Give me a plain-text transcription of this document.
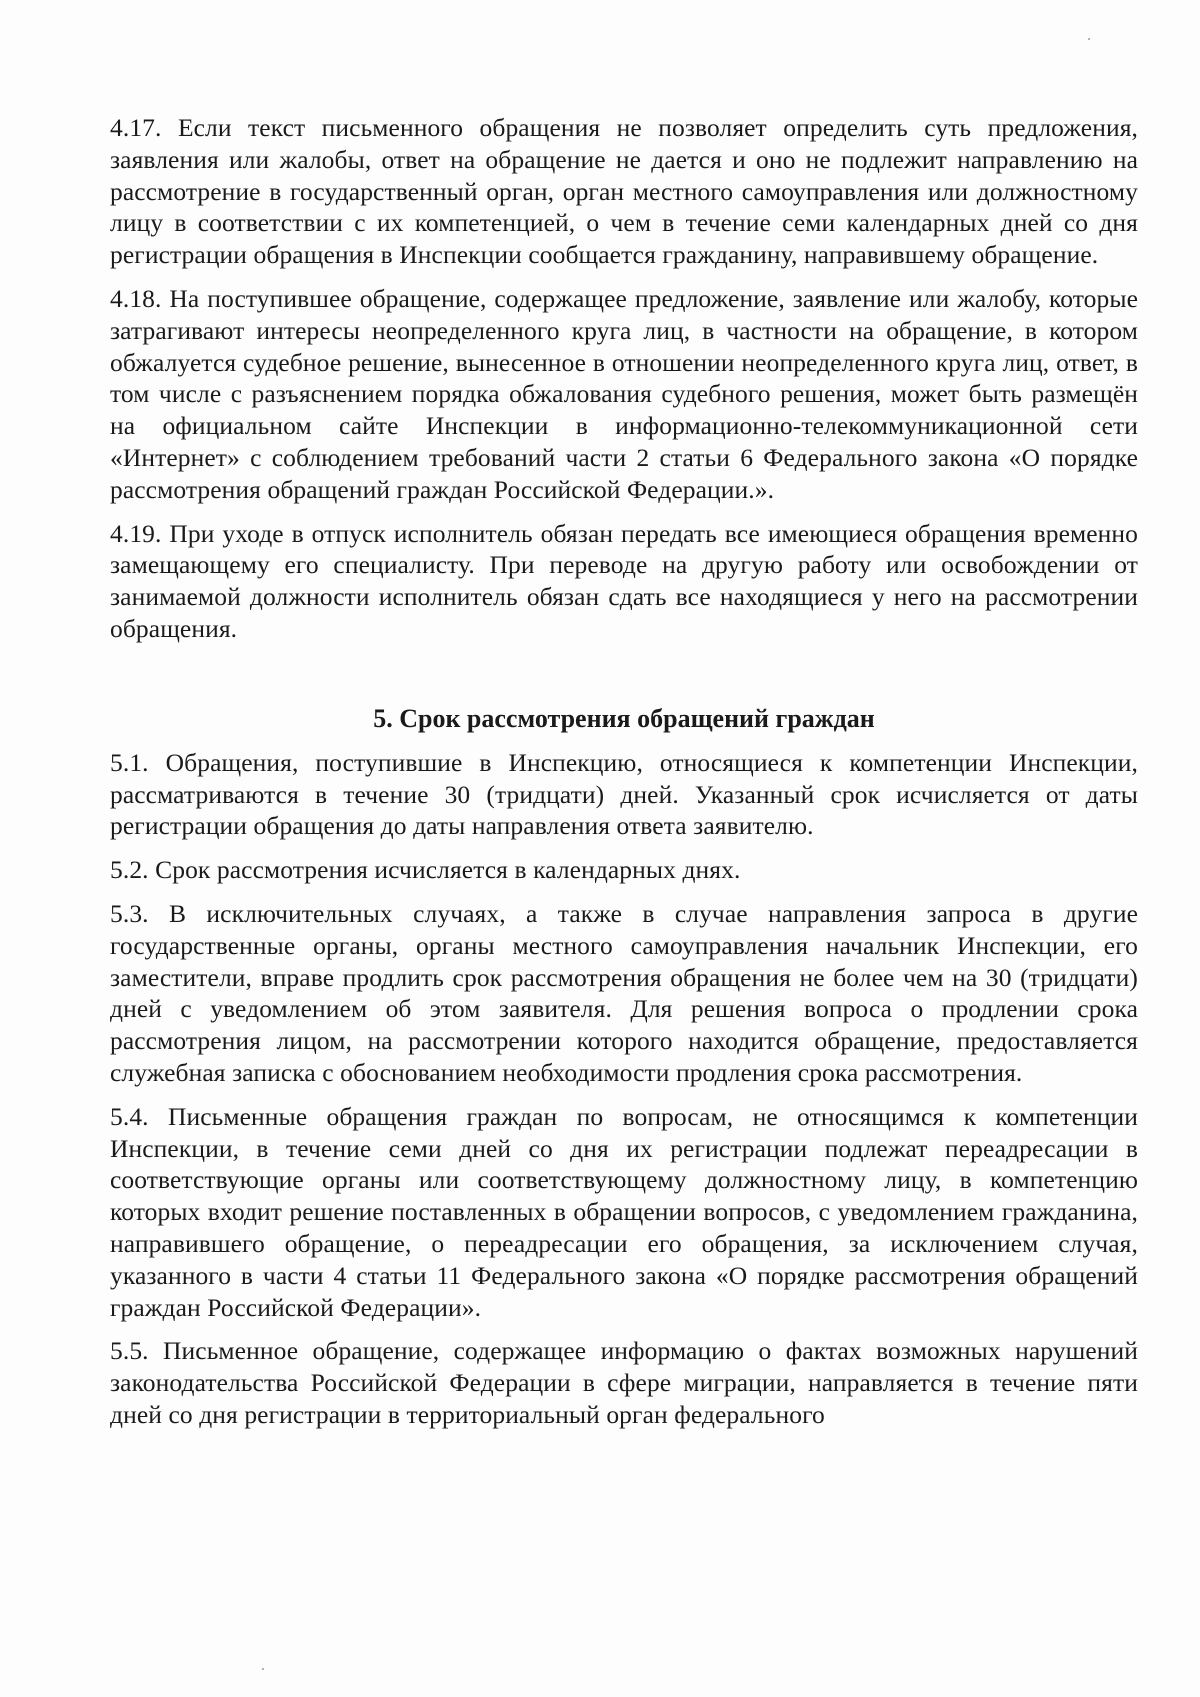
4.17. Если текст письменного обращения не позволяет определить суть предложения, заявления или жалобы, ответ на обращение не дается и оно не подлежит направлению на рассмотрение в государственный орган, орган местного самоуправления или должностному лицу в соответствии с их компетенцией, о чем в течение семи календарных дней со дня регистрации обращения в Инспекции сообщается гражданину, направившему обращение.

4.18. На поступившее обращение, содержащее предложение, заявление или жалобу, которые затрагивают интересы неопределенного круга лиц, в частности на обращение, в котором обжалуется судебное решение, вынесенное в отношении неопределенного круга лиц, ответ, в том числе с разъяснением порядка обжалования судебного решения, может быть размещён на официальном сайте Инспекции в информационно-телекоммуникационной сети «Интернет» с соблюдением требований части 2 статьи 6 Федерального закона «О порядке рассмотрения обращений граждан Российской Федерации.».

4.19. При уходе в отпуск исполнитель обязан передать все имеющиеся обращения временно замещающему его специалисту. При переводе на другую работу или освобождении от занимаемой должности исполнитель обязан сдать все находящиеся у него на рассмотрении обращения.

5. Срок рассмотрения обращений граждан

5.1. Обращения, поступившие в Инспекцию, относящиеся к компетенции Инспекции, рассматриваются в течение 30 (тридцати) дней. Указанный срок исчисляется от даты регистрации обращения до даты направления ответа заявителю.

5.2. Срок рассмотрения исчисляется в календарных днях.

5.3. В исключительных случаях, а также в случае направления запроса в другие государственные органы, органы местного самоуправления начальник Инспекции, его заместители, вправе продлить срок рассмотрения обращения не более чем на 30 (тридцати) дней с уведомлением об этом заявителя. Для решения вопроса о продлении срока рассмотрения лицом, на рассмотрении которого находится обращение, предоставляется служебная записка с обоснованием необходимости продления срока рассмотрения.

5.4. Письменные обращения граждан по вопросам, не относящимся к компетенции Инспекции, в течение семи дней со дня их регистрации подлежат переадресации в соответствующие органы или соответствующему должностному лицу, в компетенцию которых входит решение поставленных в обращении вопросов, с уведомлением гражданина, направившего обращение, о переадресации его обращения, за исключением случая, указанного в части 4 статьи 11 Федерального закона «О порядке рассмотрения обращений граждан Российской Федерации».

5.5. Письменное обращение, содержащее информацию о фактах возможных нарушений законодательства Российской Федерации в сфере миграции, направляется в течение пяти дней со дня регистрации в территориальный орган федерального
